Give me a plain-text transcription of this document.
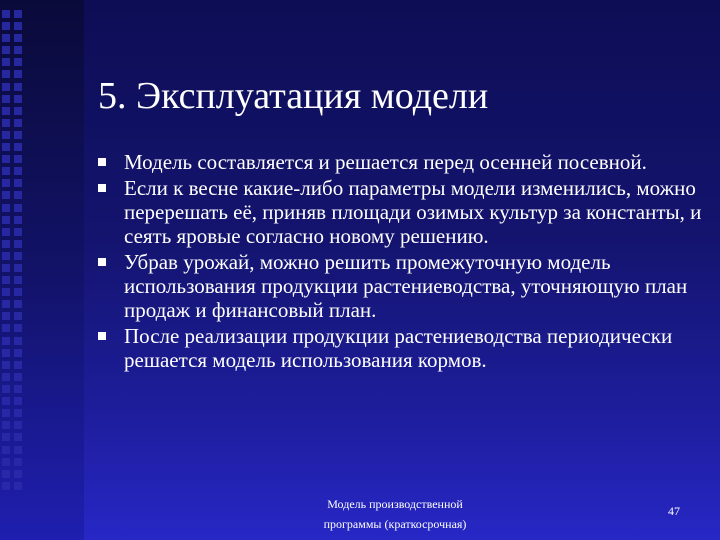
5. Эксплуатация модели
Модель составляется и решается перед осенней посевной.
Если к весне какие-либо параметры модели изменились, можно перерешать её, приняв площади озимых культур за константы, и сеять яровые согласно новому решению.
Убрав урожай, можно решить промежуточную модель использования продукции растениеводства, уточняющую план продаж и финансовый план.
После реализации продукции растениеводства периодически решается модель использования кормов.
Модель производственной программы (краткосрочная)
47
